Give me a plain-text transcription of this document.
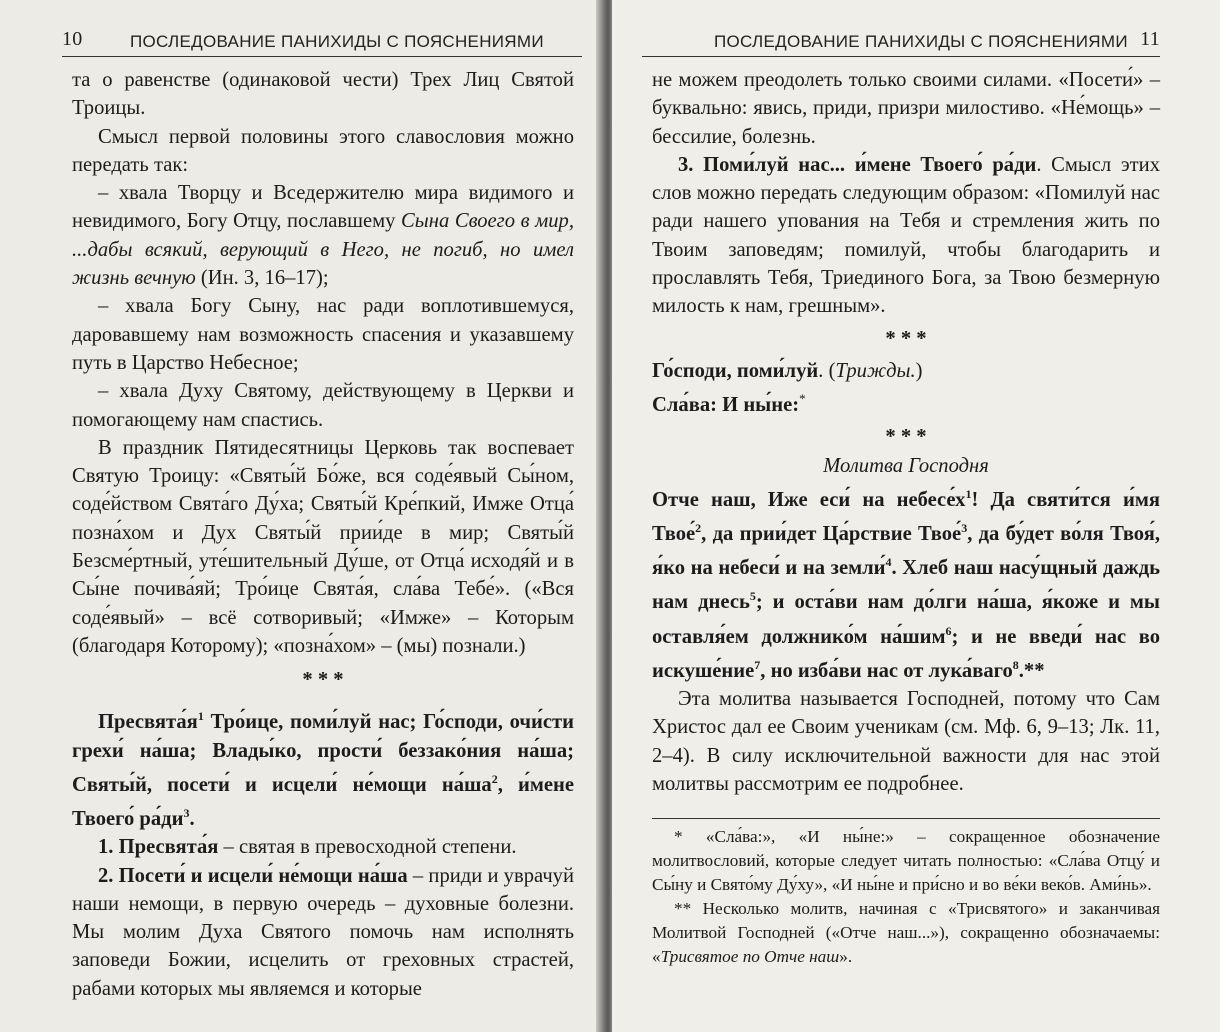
10	ПОСЛЕДОВАНИЕ ПАНИХИДЫ С ПОЯСНЕНИЯМИ

та о равенстве (одинаковой чести) Трех Лиц Святой Троицы.

Смысл первой половины этого славословия можно передать так:

– хвала Творцу и Вседержителю мира видимого и невидимого, Богу Отцу, пославшему Сына Своего в мир, ...дабы всякий, верующий в Него, не погиб, но имел жизнь вечную (Ин. 3, 16–17);

– хвала Богу Сыну, нас ради воплотившемуся, даровавшему нам возможность спасения и указавшему путь в Царство Небесное;

– хвала Духу Святому, действующему в Церкви и помогающему нам спастись.

В праздник Пятидесятницы Церковь так воспевает Святую Троицу: «Святы́й Бо́же, вся соде́явый Сы́ном, соде́йством Свята́го Ду́ха; Святы́й Кре́пкий, Имже Отца́ позна́хом и Дух Святы́й прии́де в мир; Святы́й Безсме́ртный, уте́шительный Ду́ше, от Отца́ исходя́й и в Сы́не почива́яй; Тро́ице Свята́я, сла́ва Тебе́». («Вся соде́явый» – всё сотворивый; «Имже» – Которым (благодаря Которому); «позна́хом» – (мы) познали.)

* * *

$Пресвята́я^1$ Тро́ице, поми́луй нас; Го́споди, очи́сти грехи́ на́ша; Влады́ко, прости́ беззако́ния на́ша; Святы́й, посети́ и исцели́ не́мощи $на́ша^2$, и́мене Твоего́ $ра́ди^3$.

1. Пресвята́я – святая в превосходной степени.

2. Посети́ и исцели́ не́мощи на́ша – приди и уврачуй наши немощи, в первую очередь – духовные болезни. Мы молим Духа Святого помочь нам исполнять заповеди Божии, исцелить от греховных страстей, рабами которых мы являемся и которые

ПОСЛЕДОВАНИЕ ПАНИХИДЫ С ПОЯСНЕНИЯМИ 11

не можем преодолеть только своими силами. «Посети́» – буквально: явись, приди, призри милостиво. «Не́мощь» – бессилие, болезнь.

3. Поми́луй нас... и́мене Твоего́ ра́ди. Смысл этих слов можно передать следующим образом: «Помилуй нас ради нашего упования на Тебя и стремления жить по Твоим заповедям; помилуй, чтобы благодарить и прославлять Тебя, Триединого Бога, за Твою безмерную милость к нам, грешным».

* * *

Го́споди, поми́луй. (Трижды.)

Сла́ва: И ны́не:*

* * *

Молитва Господня

Отче наш, Иже еси́ на $небесе́х^1$! Да святи́тся и́мя Твое́$^2$, да прии́дет Ца́рствие Твое́$^3$, да бу́дет во́ля Твоя́, я́ко на небеси́ и на земли́$^4$. Хлеб наш насу́щный даждь нам днесь$^5$; и оста́ви нам до́лги на́ша, я́коже и мы оставля́ем должнико́м на́шим$^6$; и не введи́ нас во искуше́ние$^7$, но изба́ви нас от лука́ваго$^8$.**

Эта молитва называется Господней, потому что Сам Христос дал ее Своим ученикам (см. Мф. 6, 9–13; Лк. 11, 2–4). В силу исключительной важности для нас этой молитвы рассмотрим ее подробнее.

* «Сла́ва:», «И ны́не:» – сокращенное обозначение молитвословий, которые следует читать полностью: «Сла́ва Отцу́ и Сы́ну и Свято́му Ду́ху», «И ны́не и при́сно и во ве́ки веко́в. Ами́нь».

** Несколько молитв, начиная с «Трисвятого» и заканчивая Молитвой Господней («Отче наш...»), сокращенно обозначаемы: «Трисвятое по Отче наш».
